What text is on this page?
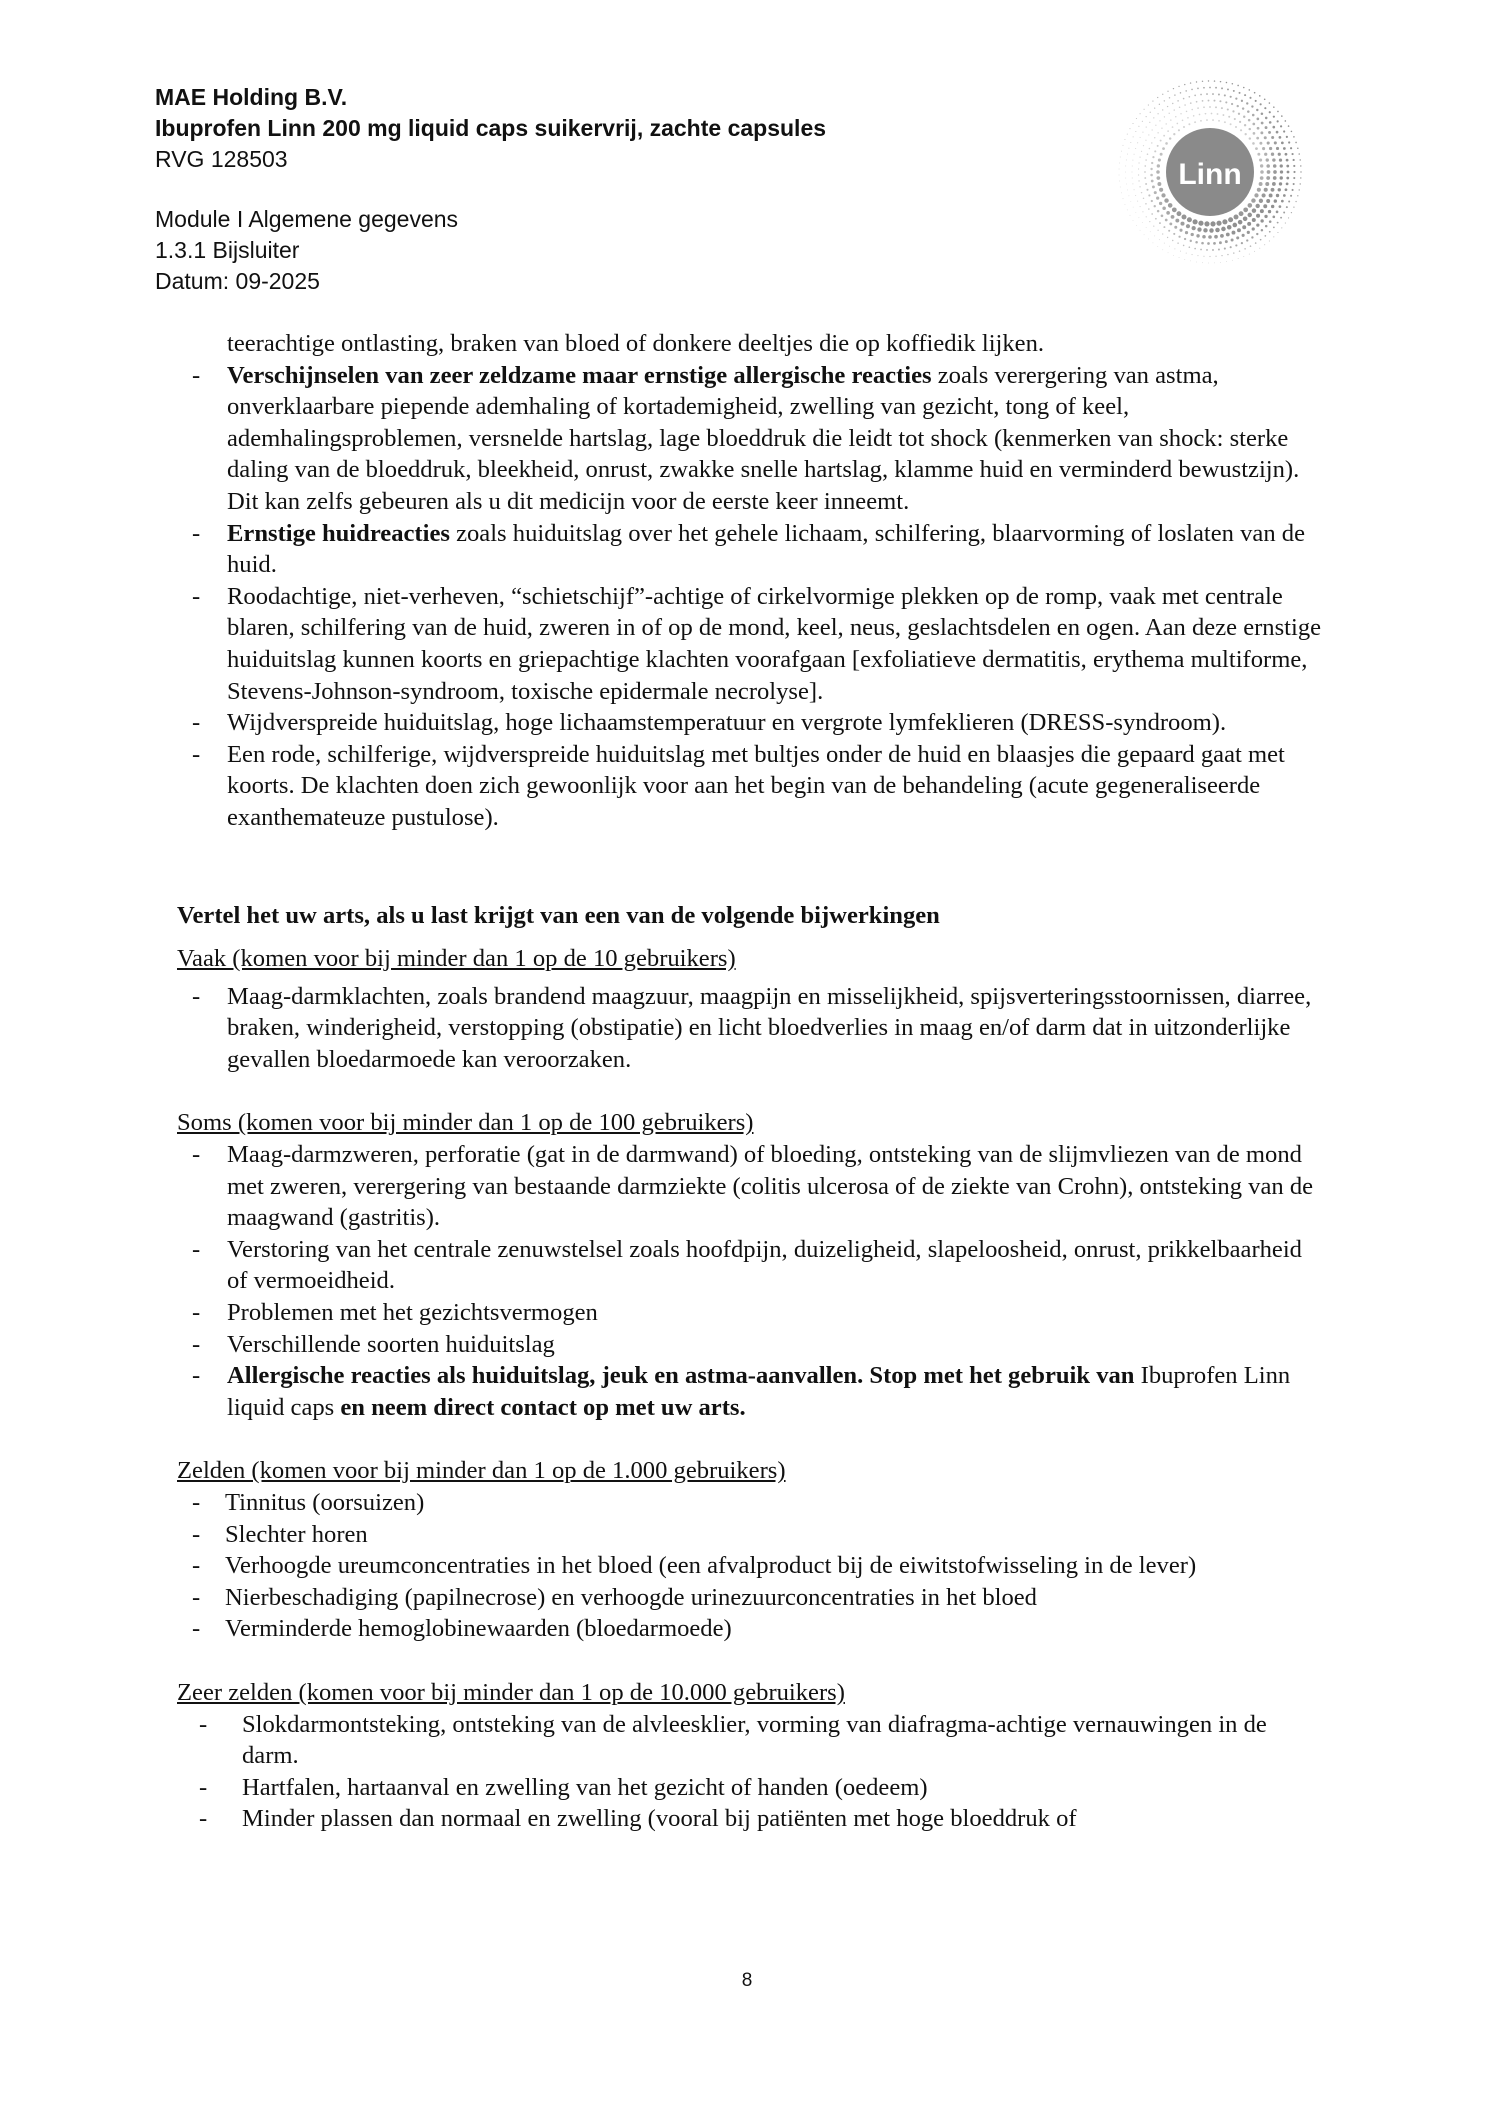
MAE Holding B.V.
Ibuprofen Linn 200 mg liquid caps suikervrij, zachte capsules
RVG 128503
Module I Algemene gegevens
1.3.1 Bijsluiter
Datum: 09-2025
Linn
teerachtige ontlasting, braken van bloed of donkere deeltjes die op koffiedik lijken.
- Verschijnselen van zeer zeldzame maar ernstige allergische reacties zoals verergering van astma, onverklaarbare piepende ademhaling of kortademigheid, zwelling van gezicht, tong of keel, ademhalingsproblemen, versnelde hartslag, lage bloeddruk die leidt tot shock (kenmerken van shock: sterke daling van de bloeddruk, bleekheid, onrust, zwakke snelle hartslag, klamme huid en verminderd bewustzijn). Dit kan zelfs gebeuren als u dit medicijn voor de eerste keer inneemt.
- Ernstige huidreacties zoals huiduitslag over het gehele lichaam, schilfering, blaarvorming of loslaten van de huid.
- Roodachtige, niet-verheven, “schietschijf”-achtige of cirkelvormige plekken op de romp, vaak met centrale blaren, schilfering van de huid, zweren in of op de mond, keel, neus, geslachtsdelen en ogen. Aan deze ernstige huiduitslag kunnen koorts en griepachtige klachten voorafgaan [exfoliatieve dermatitis, erythema multiforme, Stevens-Johnson-syndroom, toxische epidermale necrolyse].
- Wijdverspreide huiduitslag, hoge lichaamstemperatuur en vergrote lymfeklieren (DRESS-syndroom).
- Een rode, schilferige, wijdverspreide huiduitslag met bultjes onder de huid en blaasjes die gepaard gaat met koorts. De klachten doen zich gewoonlijk voor aan het begin van de behandeling (acute gegeneraliseerde exanthemateuze pustulose).
Vertel het uw arts, als u last krijgt van een van de volgende bijwerkingen
Vaak (komen voor bij minder dan 1 op de 10 gebruikers)
- Maag-darmklachten, zoals brandend maagzuur, maagpijn en misselijkheid, spijsverteringsstoornissen, diarree, braken, winderigheid, verstopping (obstipatie) en licht bloedverlies in maag en/of darm dat in uitzonderlijke gevallen bloedarmoede kan veroorzaken.
Soms (komen voor bij minder dan 1 op de 100 gebruikers)
- Maag-darmzweren, perforatie (gat in de darmwand) of bloeding, ontsteking van de slijmvliezen van de mond met zweren, verergering van bestaande darmziekte (colitis ulcerosa of de ziekte van Crohn), ontsteking van de maagwand (gastritis).
- Verstoring van het centrale zenuwstelsel zoals hoofdpijn, duizeligheid, slapeloosheid, onrust, prikkelbaarheid of vermoeidheid.
- Problemen met het gezichtsvermogen
- Verschillende soorten huiduitslag
- Allergische reacties als huiduitslag, jeuk en astma-aanvallen. Stop met het gebruik van Ibuprofen Linn liquid caps en neem direct contact op met uw arts.
Zelden (komen voor bij minder dan 1 op de 1.000 gebruikers)
- Tinnitus (oorsuizen)
- Slechter horen
- Verhoogde ureumconcentraties in het bloed (een afvalproduct bij de eiwitstofwisseling in de lever)
- Nierbeschadiging (papilnecrose) en verhoogde urinezuurconcentraties in het bloed
- Verminderde hemoglobinewaarden (bloedarmoede)
Zeer zelden (komen voor bij minder dan 1 op de 10.000 gebruikers)
- Slokdarmontsteking, ontsteking van de alvleesklier, vorming van diafragma-achtige vernauwingen in de darm.
- Hartfalen, hartaanval en zwelling van het gezicht of handen (oedeem)
- Minder plassen dan normaal en zwelling (vooral bij patiënten met hoge bloeddruk of
8
